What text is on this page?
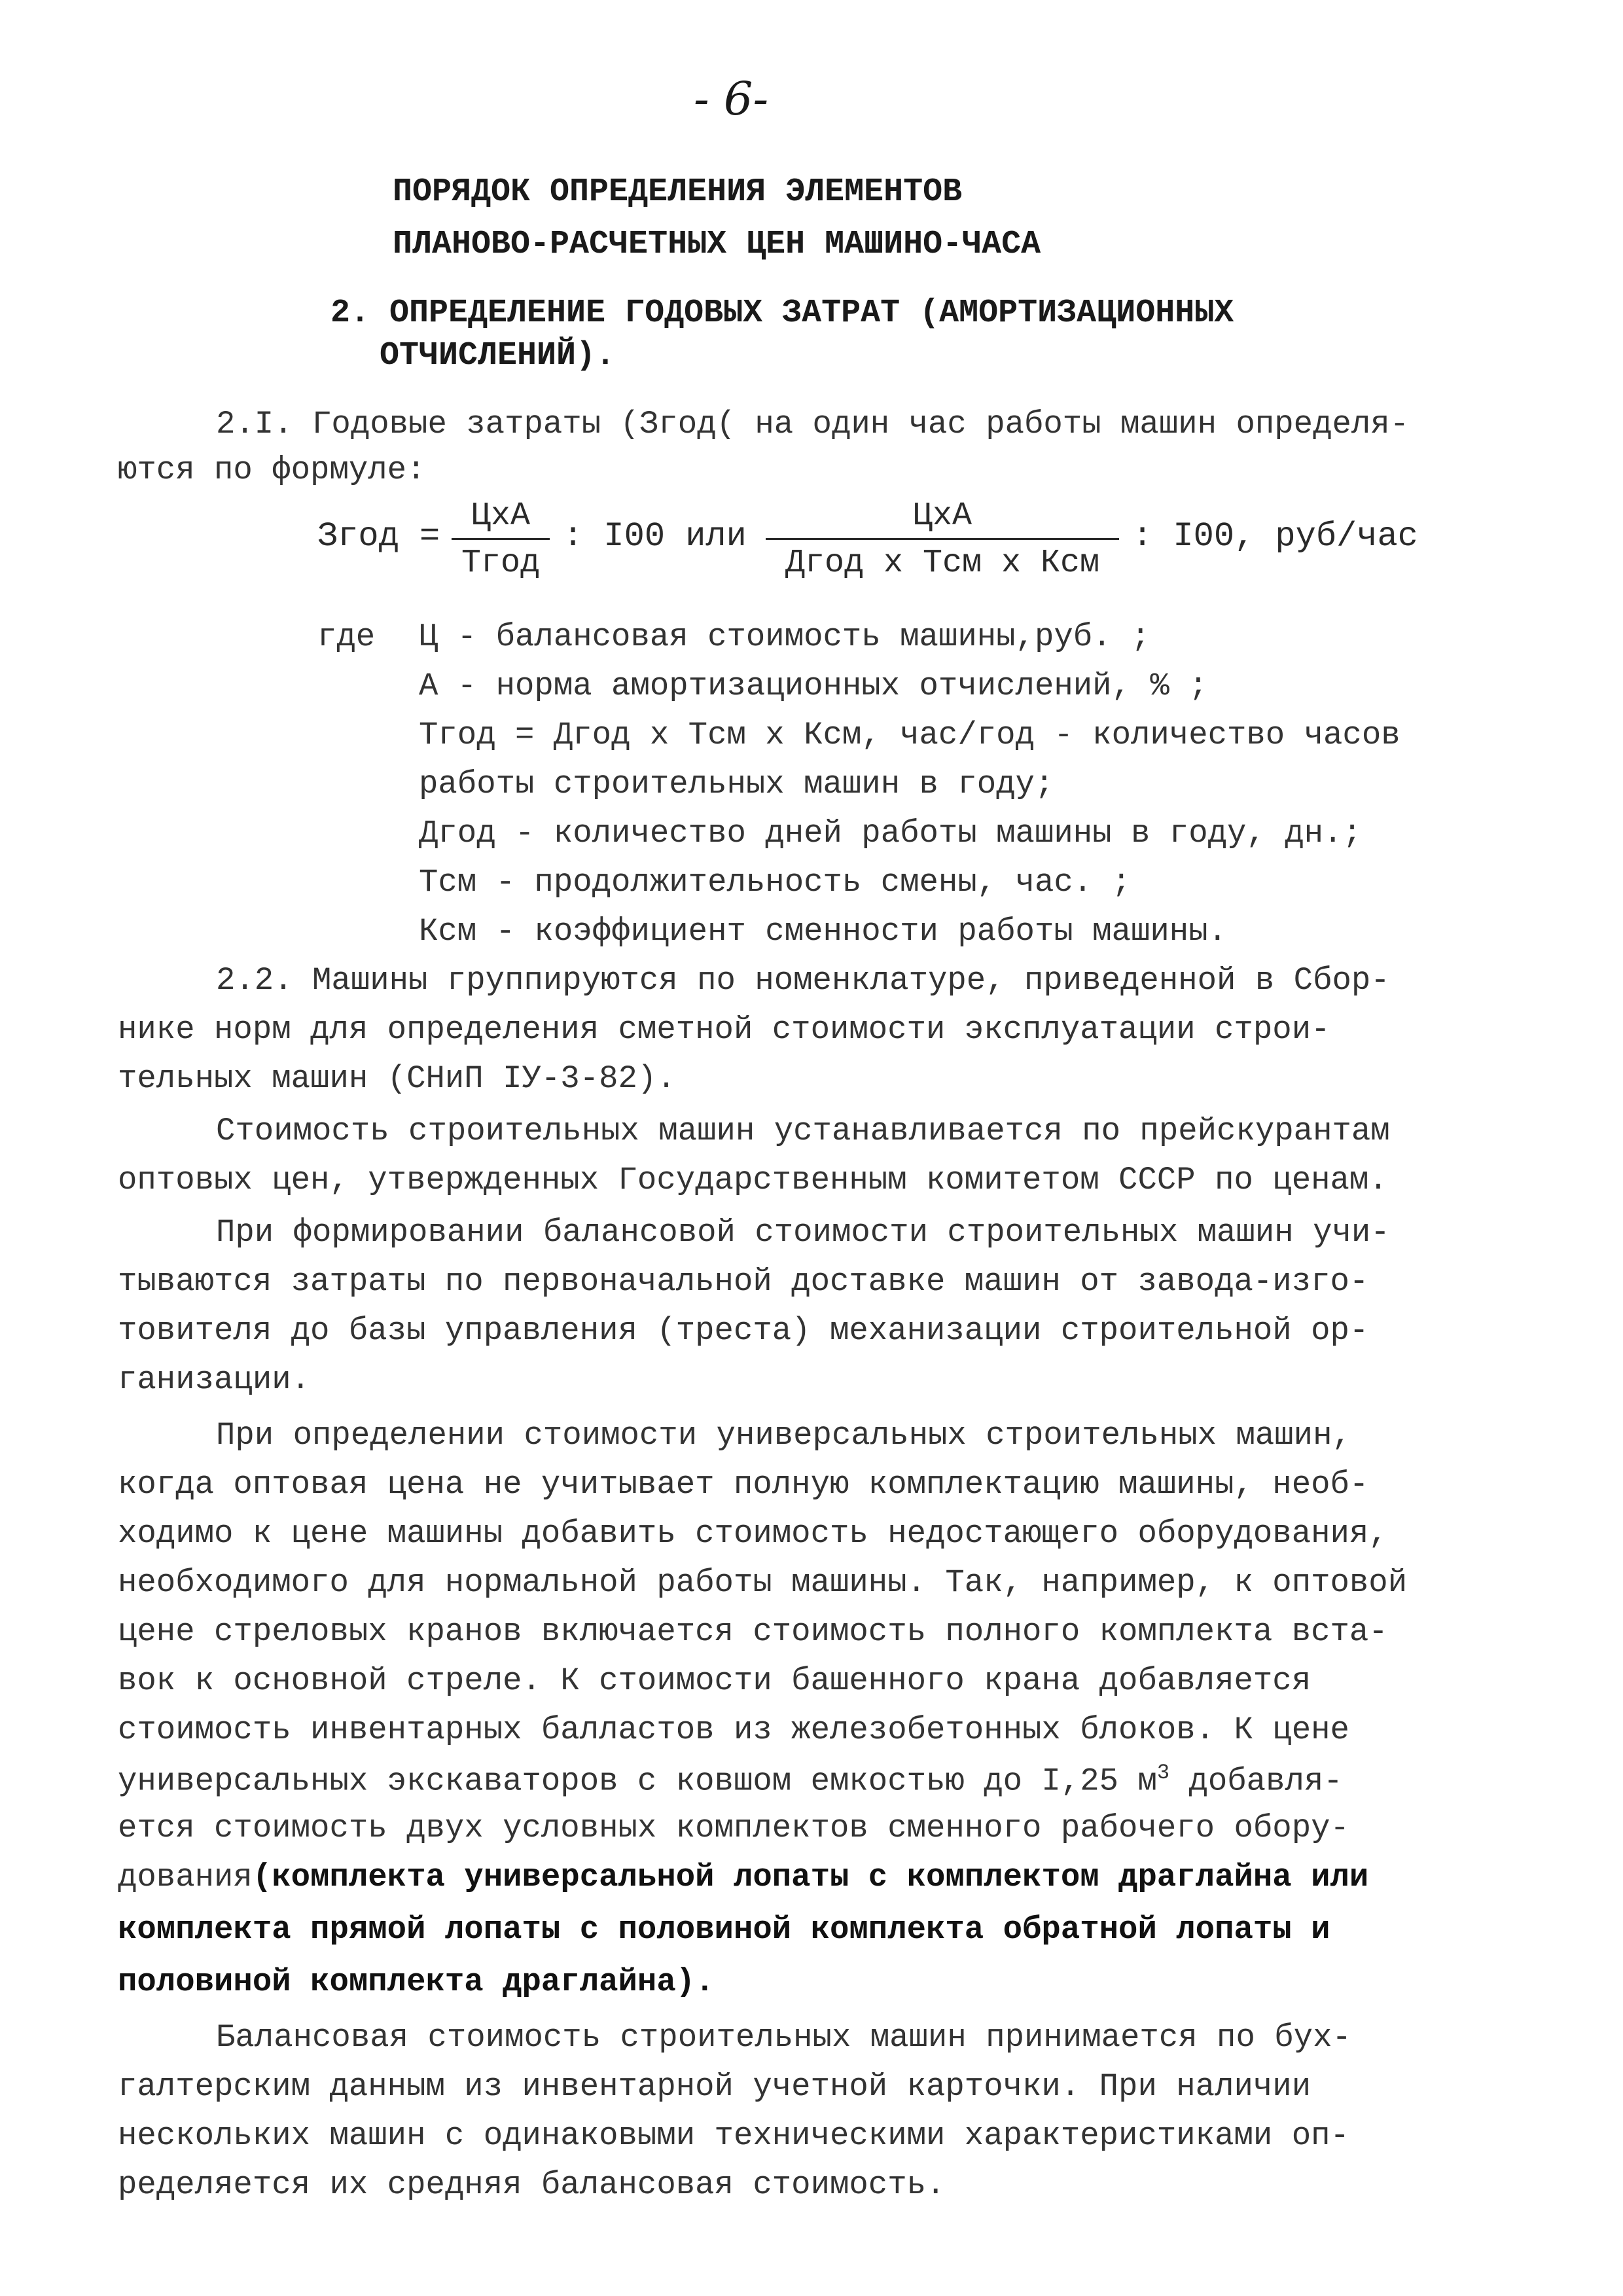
- 6-
ПОРЯДОК ОПРЕДЕЛЕНИЯ ЭЛЕМЕНТОВ
ПЛАНОВО-РАСЧЕТНЫХ ЦЕН МАШИНО-ЧАСА
2. ОПРЕДЕЛЕНИЕ ГОДОВЫХ ЗАТРАТ (АМОРТИЗАЦИОННЫХ
ОТЧИСЛЕНИЙ).
2.I. Годовые затраты (Згод( на один час работы машин определя-
ются по формуле:
Згод =
ЦхА
Тгод
: I00 или
ЦхА
Дгод х Тсм х Ксм
: I00, руб/час
где Ц - балансовая стоимость машины,руб. ;
А - норма амортизационных отчислений, % ;
Тгод = Дгод х Тсм х Ксм, час/год - количество часов
работы строительных машин в году;
Дгод - количество дней работы машины в году, дн.;
Тсм - продолжительность смены, час. ;
Ксм - коэффициент сменности работы машины.
2.2. Машины группируются по номенклатуре, приведенной в Сбор-
нике норм для определения сметной стоимости эксплуатации строи-
тельных машин (СНиП IУ-3-82).
Стоимость строительных машин устанавливается по прейскурантам
оптовых цен, утвержденных Государственным комитетом СССР по ценам.
При формировании балансовой стоимости строительных машин учи-
тываются затраты по первоначальной доставке машин от завода-изго-
товителя до базы управления (треста) механизации строительной ор-
ганизации.
При определении стоимости универсальных строительных машин,
когда оптовая цена не учитывает полную комплектацию машины, необ-
ходимо к цене машины добавить стоимость недостающего оборудования,
необходимого для нормальной работы машины. Так, например, к оптовой
цене стреловых кранов включается стоимость полного комплекта вста-
вок к основной стреле. К стоимости башенного крана добавляется
стоимость инвентарных балластов из железобетонных блоков. К цене
универсальных экскаваторов с ковшом емкостью до I,25 $м^3$ добавля-
ется стоимость двух условных комплектов сменного рабочего обору-
дования(комплекта универсальной лопаты с комплектом драглайна или
комплекта прямой лопаты с половиной комплекта обратной лопаты и
половиной комплекта драглайна).
Балансовая стоимость строительных машин принимается по бух-
галтерским данным из инвентарной учетной карточки. При наличии
нескольких машин с одинаковыми техническими характеристиками оп-
ределяется их средняя балансовая стоимость.
